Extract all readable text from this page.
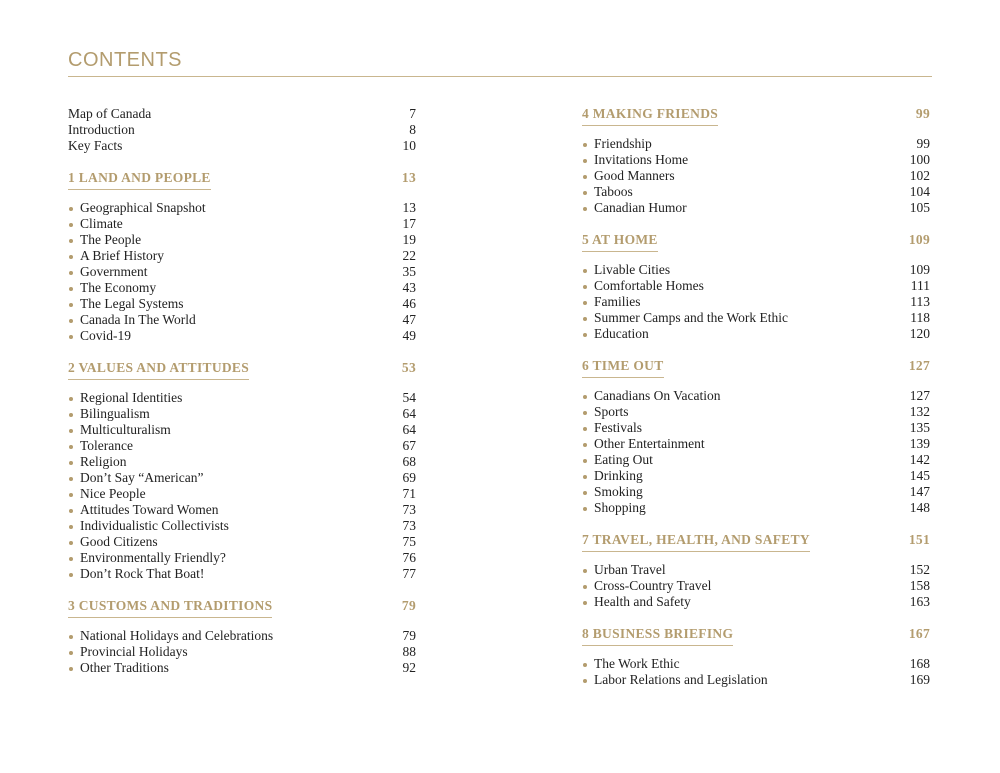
CONTENTS
Map of Canada	7
Introduction	8
Key Facts	10
1 LAND AND PEOPLE	13
Geographical Snapshot	13
Climate	17
The People	19
A Brief History	22
Government	35
The Economy	43
The Legal Systems	46
Canada In The World	47
Covid-19	49
2 VALUES AND ATTITUDES	53
Regional Identities	54
Bilingualism	64
Multiculturalism	64
Tolerance	67
Religion	68
Don’t Say “American”	69
Nice People	71
Attitudes Toward Women	73
Individualistic Collectivists	73
Good Citizens	75
Environmentally Friendly?	76
Don’t Rock That Boat!	77
3 CUSTOMS AND TRADITIONS	79
National Holidays and Celebrations	79
Provincial Holidays	88
Other Traditions	92
4 MAKING FRIENDS	99
Friendship	99
Invitations Home	100
Good Manners	102
Taboos	104
Canadian Humor	105
5 AT HOME	109
Livable Cities	109
Comfortable Homes	111
Families	113
Summer Camps and the Work Ethic	118
Education	120
6 TIME OUT	127
Canadians On Vacation	127
Sports	132
Festivals	135
Other Entertainment	139
Eating Out	142
Drinking	145
Smoking	147
Shopping	148
7 TRAVEL, HEALTH, AND SAFETY	151
Urban Travel	152
Cross-Country Travel	158
Health and Safety	163
8 BUSINESS BRIEFING	167
The Work Ethic	168
Labor Relations and Legislation	169
